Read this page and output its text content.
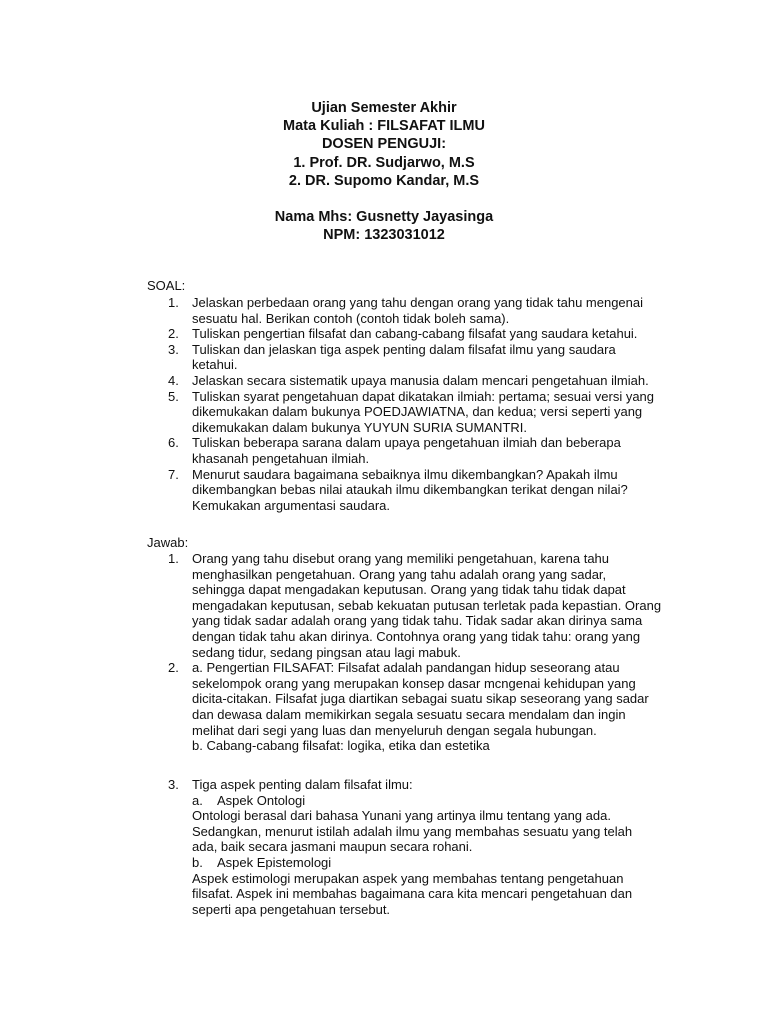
Ujian Semester Akhir
Mata Kuliah : FILSAFAT ILMU
DOSEN PENGUJI:
1. Prof. DR. Sudjarwo, M.S
2. DR. Supomo Kandar, M.S
Nama Mhs: Gusnetty Jayasinga
NPM: 1323031012
SOAL:
1. Jelaskan perbedaan orang yang tahu dengan orang yang tidak tahu mengenai
sesuatu hal. Berikan contoh (contoh tidak boleh sama).
2. Tuliskan pengertian filsafat dan cabang-cabang filsafat yang saudara ketahui.
3. Tuliskan dan jelaskan tiga aspek penting dalam filsafat ilmu yang saudara
ketahui.
4. Jelaskan secara sistematik upaya manusia dalam mencari pengetahuan ilmiah.
5. Tuliskan syarat pengetahuan dapat dikatakan ilmiah: pertama; sesuai versi yang
dikemukakan dalam bukunya POEDJAWIATNA, dan kedua; versi seperti yang
dikemukakan dalam bukunya YUYUN SURIA SUMANTRI.
6. Tuliskan beberapa sarana dalam upaya pengetahuan ilmiah dan beberapa
khasanah pengetahuan ilmiah.
7. Menurut saudara bagaimana sebaiknya ilmu dikembangkan? Apakah ilmu
dikembangkan bebas nilai ataukah ilmu dikembangkan terikat dengan nilai?
Kemukakan argumentasi saudara.
Jawab:
1. Orang yang tahu disebut orang yang memiliki pengetahuan, karena tahu
menghasilkan pengetahuan. Orang yang tahu adalah orang yang sadar,
sehingga dapat mengadakan keputusan. Orang yang tidak tahu tidak dapat
mengadakan keputusan, sebab kekuatan putusan terletak pada kepastian. Orang
yang tidak sadar adalah orang yang tidak tahu. Tidak sadar akan dirinya sama
dengan tidak tahu akan dirinya. Contohnya orang yang tidak tahu: orang yang
sedang tidur, sedang pingsan atau lagi mabuk.
2. a. Pengertian FILSAFAT: Filsafat adalah pandangan hidup seseorang atau
sekelompok orang yang merupakan konsep dasar mcngenai kehidupan yang
dicita-citakan. Filsafat juga diartikan sebagai suatu sikap seseorang yang sadar
dan dewasa dalam memikirkan segala sesuatu secara mendalam dan ingin
melihat dari segi yang luas dan menyeluruh dengan segala hubungan.
b. Cabang-cabang filsafat: logika, etika dan estetika
3. Tiga aspek penting dalam filsafat ilmu:
a. Aspek Ontologi
Ontologi berasal dari bahasa Yunani yang artinya ilmu tentang yang ada.
Sedangkan, menurut istilah adalah ilmu yang membahas sesuatu yang telah
ada, baik secara jasmani maupun secara rohani.
b. Aspek Epistemologi
Aspek estimologi merupakan aspek yang membahas tentang pengetahuan
filsafat. Aspek ini membahas bagaimana cara kita mencari pengetahuan dan
seperti apa pengetahuan tersebut.
